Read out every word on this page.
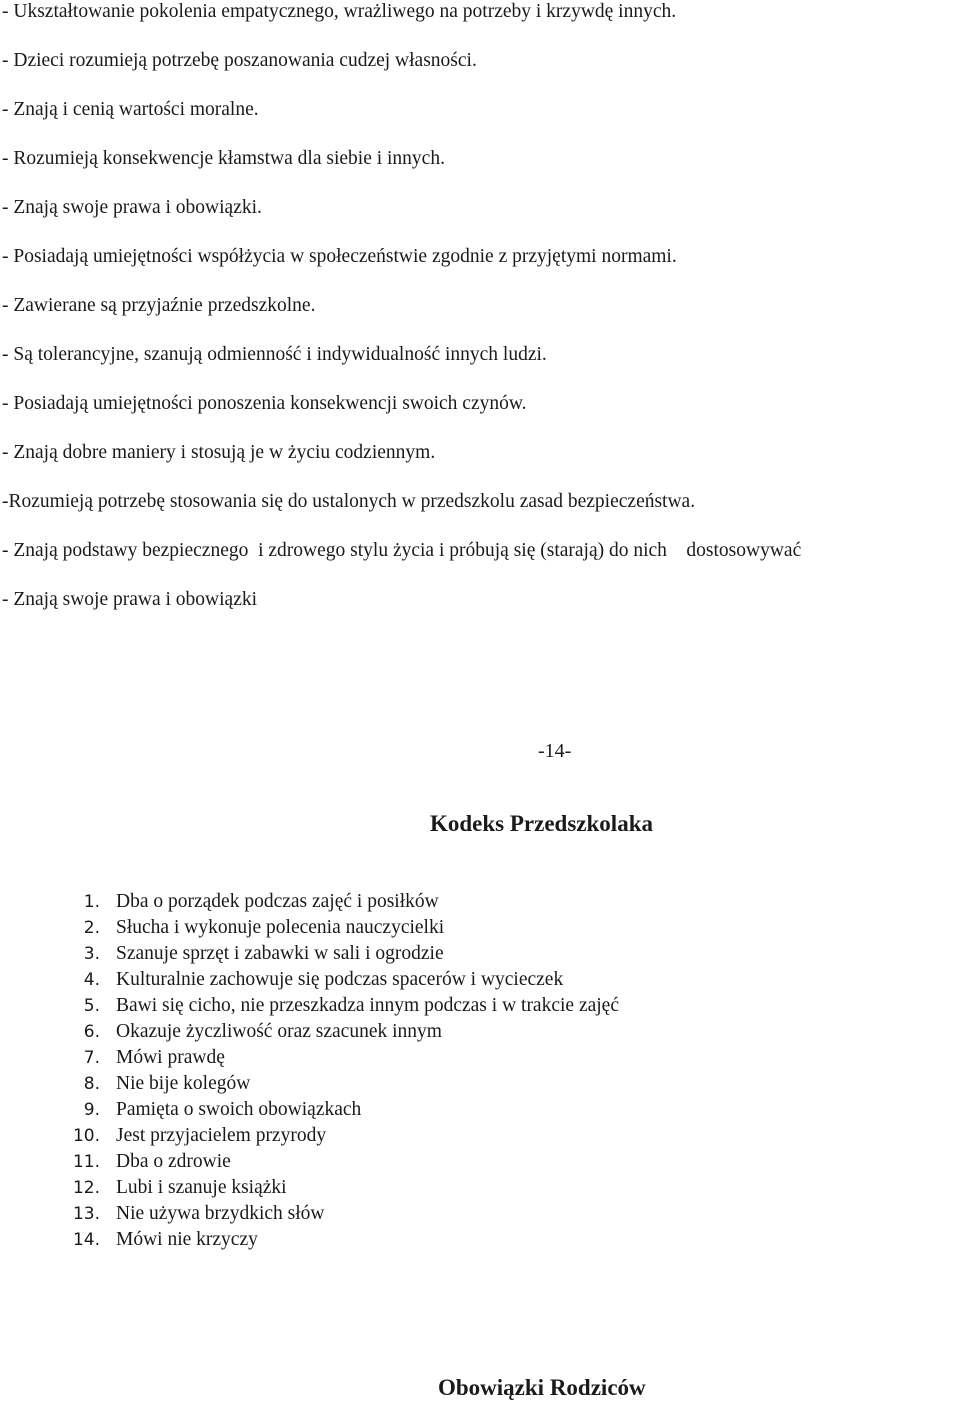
- Ukształtowanie pokolenia empatycznego, wrażliwego na potrzeby i krzywdę innych.
- Dzieci rozumieją potrzebę poszanowania cudzej własności.
- Znają i cenią wartości moralne.
- Rozumieją konsekwencje kłamstwa dla siebie i innych.
- Znają swoje prawa i obowiązki.
- Posiadają umiejętności współżycia w społeczeństwie zgodnie z przyjętymi normami.
- Zawierane są przyjaźnie przedszkolne.
- Są tolerancyjne, szanują odmienność i indywidualność innych ludzi.
- Posiadają umiejętności ponoszenia konsekwencji swoich czynów.
- Znają dobre maniery i stosują je w życiu codziennym.
-Rozumieją potrzebę stosowania się do ustalonych w przedszkolu zasad bezpieczeństwa.
- Znają podstawy bezpiecznego  i zdrowego stylu życia i próbują się (starają) do nich    dostosowywać
- Znają swoje prawa i obowiązki
-14-
Kodeks Przedszkolaka
1. Dba o porządek podczas zajęć i posiłków
2. Słucha i wykonuje polecenia nauczycielki
3. Szanuje sprzęt i zabawki w sali i ogrodzie
4. Kulturalnie zachowuje się podczas spacerów i wycieczek
5. Bawi się cicho, nie przeszkadza innym podczas i w trakcie zajęć
6. Okazuje życzliwość oraz szacunek innym
7. Mówi prawdę
8. Nie bije kolegów
9. Pamięta o swoich obowiązkach
10. Jest przyjacielem przyrody
11. Dba o zdrowie
12. Lubi i szanuje książki
13. Nie używa brzydkich słów
14. Mówi nie krzyczy
Obowiązki Rodziców
